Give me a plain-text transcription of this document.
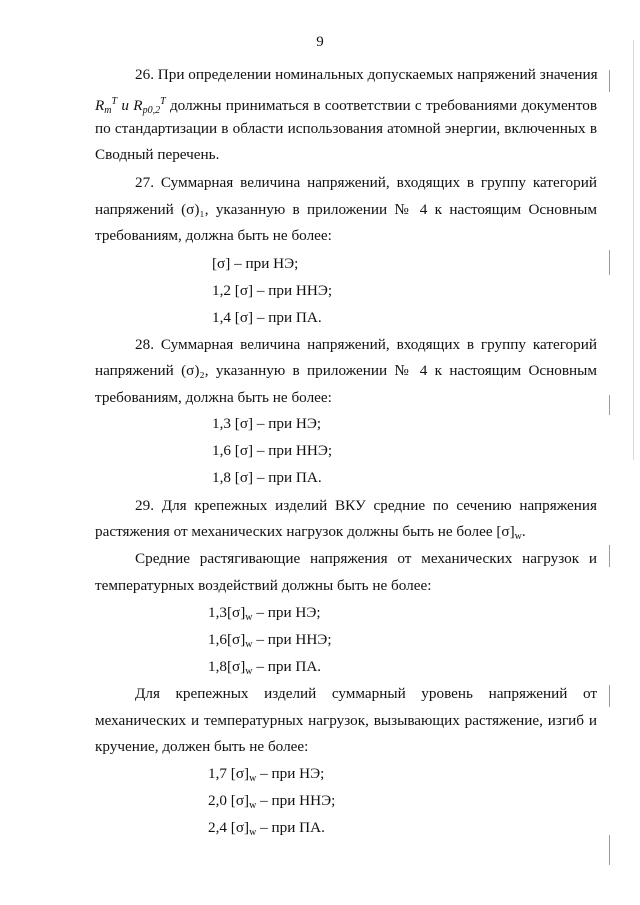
9
26. При определении номинальных допускаемых напряжений значения
$R_m^T$ и $R_{p0,2}^T$ должны приниматься в соответствии с требованиями документов
по стандартизации в области использования атомной энергии, включенных в
Сводный перечень.
27. Суммарная величина напряжений, входящих в группу категорий
напряжений (σ)₁, указанную в приложении № 4 к настоящим Основным
требованиям, должна быть не более:
[σ] – при НЭ;
1,2 [σ] – при ННЭ;
1,4 [σ] – при ПА.
28. Суммарная величина напряжений, входящих в группу категорий
напряжений (σ)₂, указанную в приложении № 4 к настоящим Основным
требованиям, должна быть не более:
1,3 [σ] – при НЭ;
1,6 [σ] – при ННЭ;
1,8 [σ] – при ПА.
29. Для крепежных изделий ВКУ средние по сечению напряжения
растяжения от механических нагрузок должны быть не более $[\sigma]_w$.
Средние растягивающие напряжения от механических нагрузок и
температурных воздействий должны быть не более:
$1,3[\sigma]_w$ – при НЭ;
$1,6[\sigma]_w$ – при ННЭ;
$1,8[\sigma]_w$ – при ПА.
Для крепежных изделий суммарный уровень напряжений от
механических и температурных нагрузок, вызывающих растяжение, изгиб и
кручение, должен быть не более:
1,7 $[\sigma]_w$ – при НЭ;
2,0 $[\sigma]_w$ – при ННЭ;
2,4 $[\sigma]_w$ – при ПА.
